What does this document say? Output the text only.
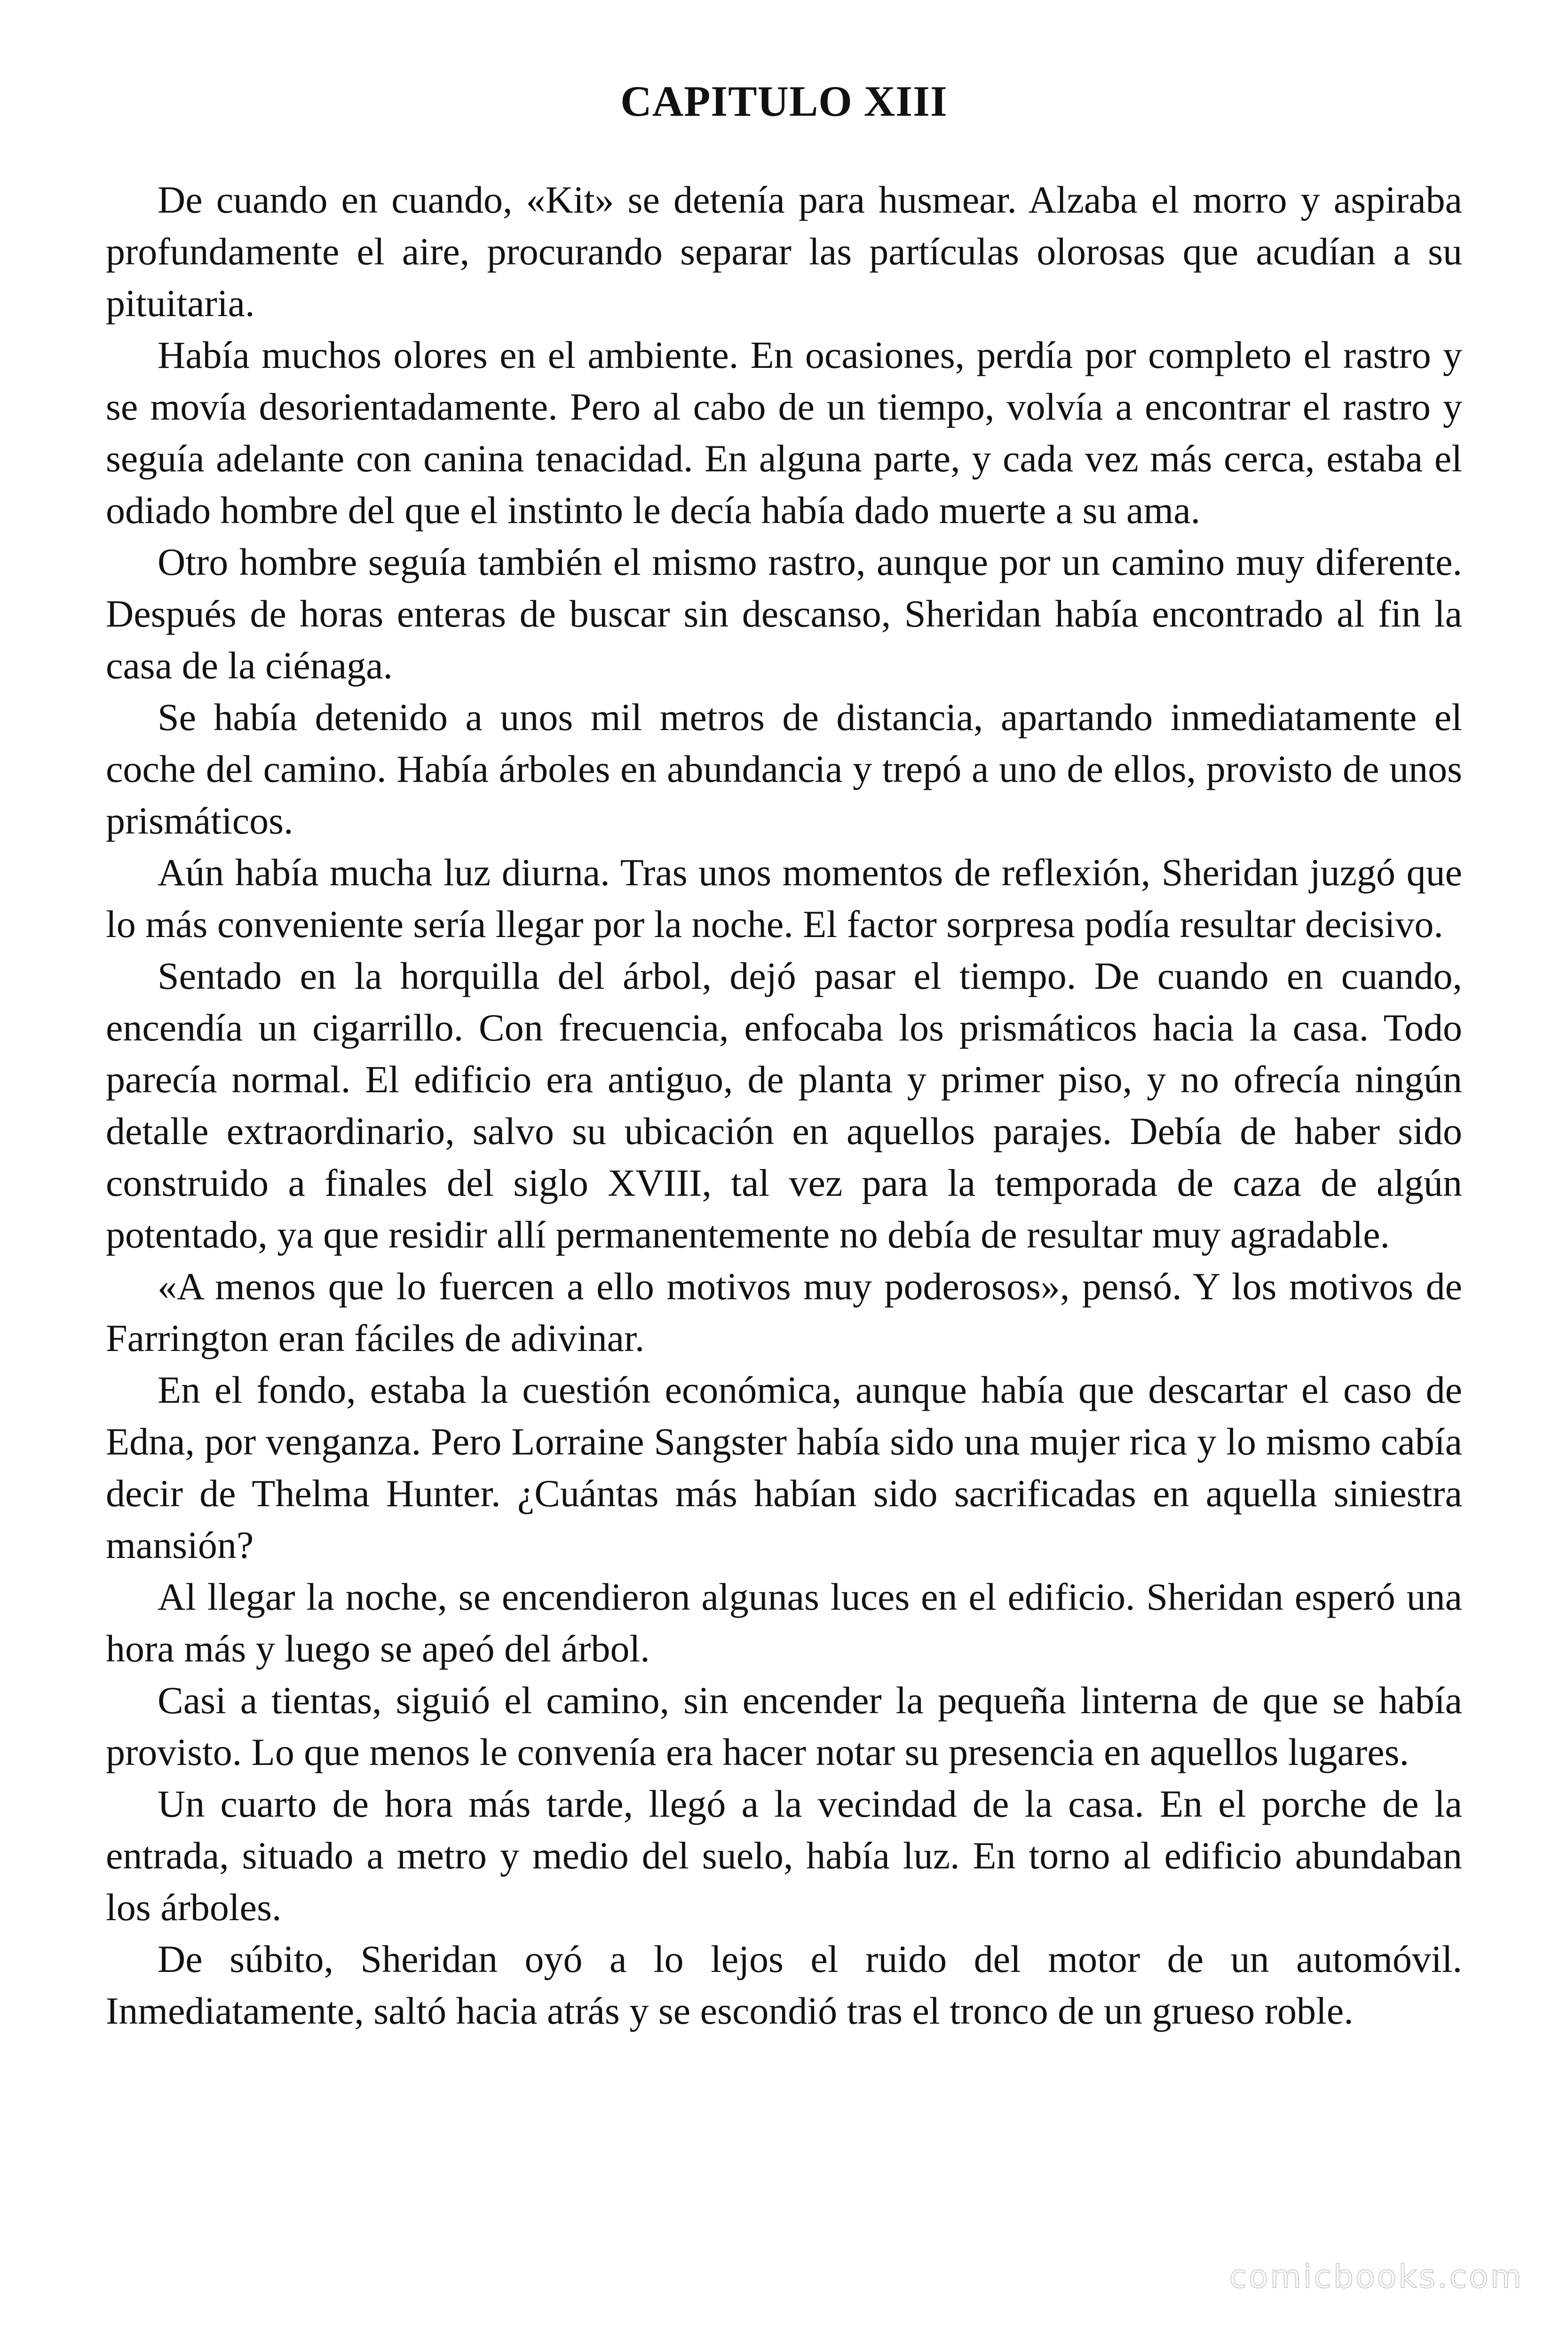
CAPITULO XIII

De cuando en cuando, «Kit» se detenía para husmear. Alzaba el morro y aspiraba profundamente el aire, procurando separar las partículas olorosas que acudían a su pituitaria.

Había muchos olores en el ambiente. En ocasiones, perdía por completo el rastro y se movía desorientadamente. Pero al cabo de un tiempo, volvía a encontrar el rastro y seguía adelante con canina tenacidad. En alguna parte, y cada vez más cerca, estaba el odiado hombre del que el instinto le decía había dado muerte a su ama.

Otro hombre seguía también el mismo rastro, aunque por un camino muy diferente. Después de horas enteras de buscar sin descanso, Sheridan había encontrado al fin la casa de la ciénaga.

Se había detenido a unos mil metros de distancia, apartando inmediatamente el coche del camino. Había árboles en abundancia y trepó a uno de ellos, provisto de unos prismáticos.

Aún había mucha luz diurna. Tras unos momentos de reflexión, Sheridan juzgó que lo más conveniente sería llegar por la noche. El factor sorpresa podía resultar decisivo.

Sentado en la horquilla del árbol, dejó pasar el tiempo. De cuando en cuando, encendía un cigarrillo. Con frecuencia, enfocaba los prismáticos hacia la casa. Todo parecía normal. El edificio era antiguo, de planta y primer piso, y no ofrecía ningún detalle extraordinario, salvo su ubicación en aquellos parajes. Debía de haber sido construido a finales del siglo XVIII, tal vez para la temporada de caza de algún potentado, ya que residir allí permanentemente no debía de resultar muy agradable.

«A menos que lo fuercen a ello motivos muy poderosos», pensó. Y los motivos de Farrington eran fáciles de adivinar.

En el fondo, estaba la cuestión económica, aunque había que descartar el caso de Edna, por venganza. Pero Lorraine Sangster había sido una mujer rica y lo mismo cabía decir de Thelma Hunter. ¿Cuántas más habían sido sacrificadas en aquella siniestra mansión?

Al llegar la noche, se encendieron algunas luces en el edificio. Sheridan esperó una hora más y luego se apeó del árbol.

Casi a tientas, siguió el camino, sin encender la pequeña linterna de que se había provisto. Lo que menos le convenía era hacer notar su presencia en aquellos lugares.

Un cuarto de hora más tarde, llegó a la vecindad de la casa. En el porche de la entrada, situado a metro y medio del suelo, había luz. En torno al edificio abundaban los árboles.

De súbito, Sheridan oyó a lo lejos el ruido del motor de un automóvil. Inmediatamente, saltó hacia atrás y se escondió tras el tronco de un grueso roble.

comicbooks.com
